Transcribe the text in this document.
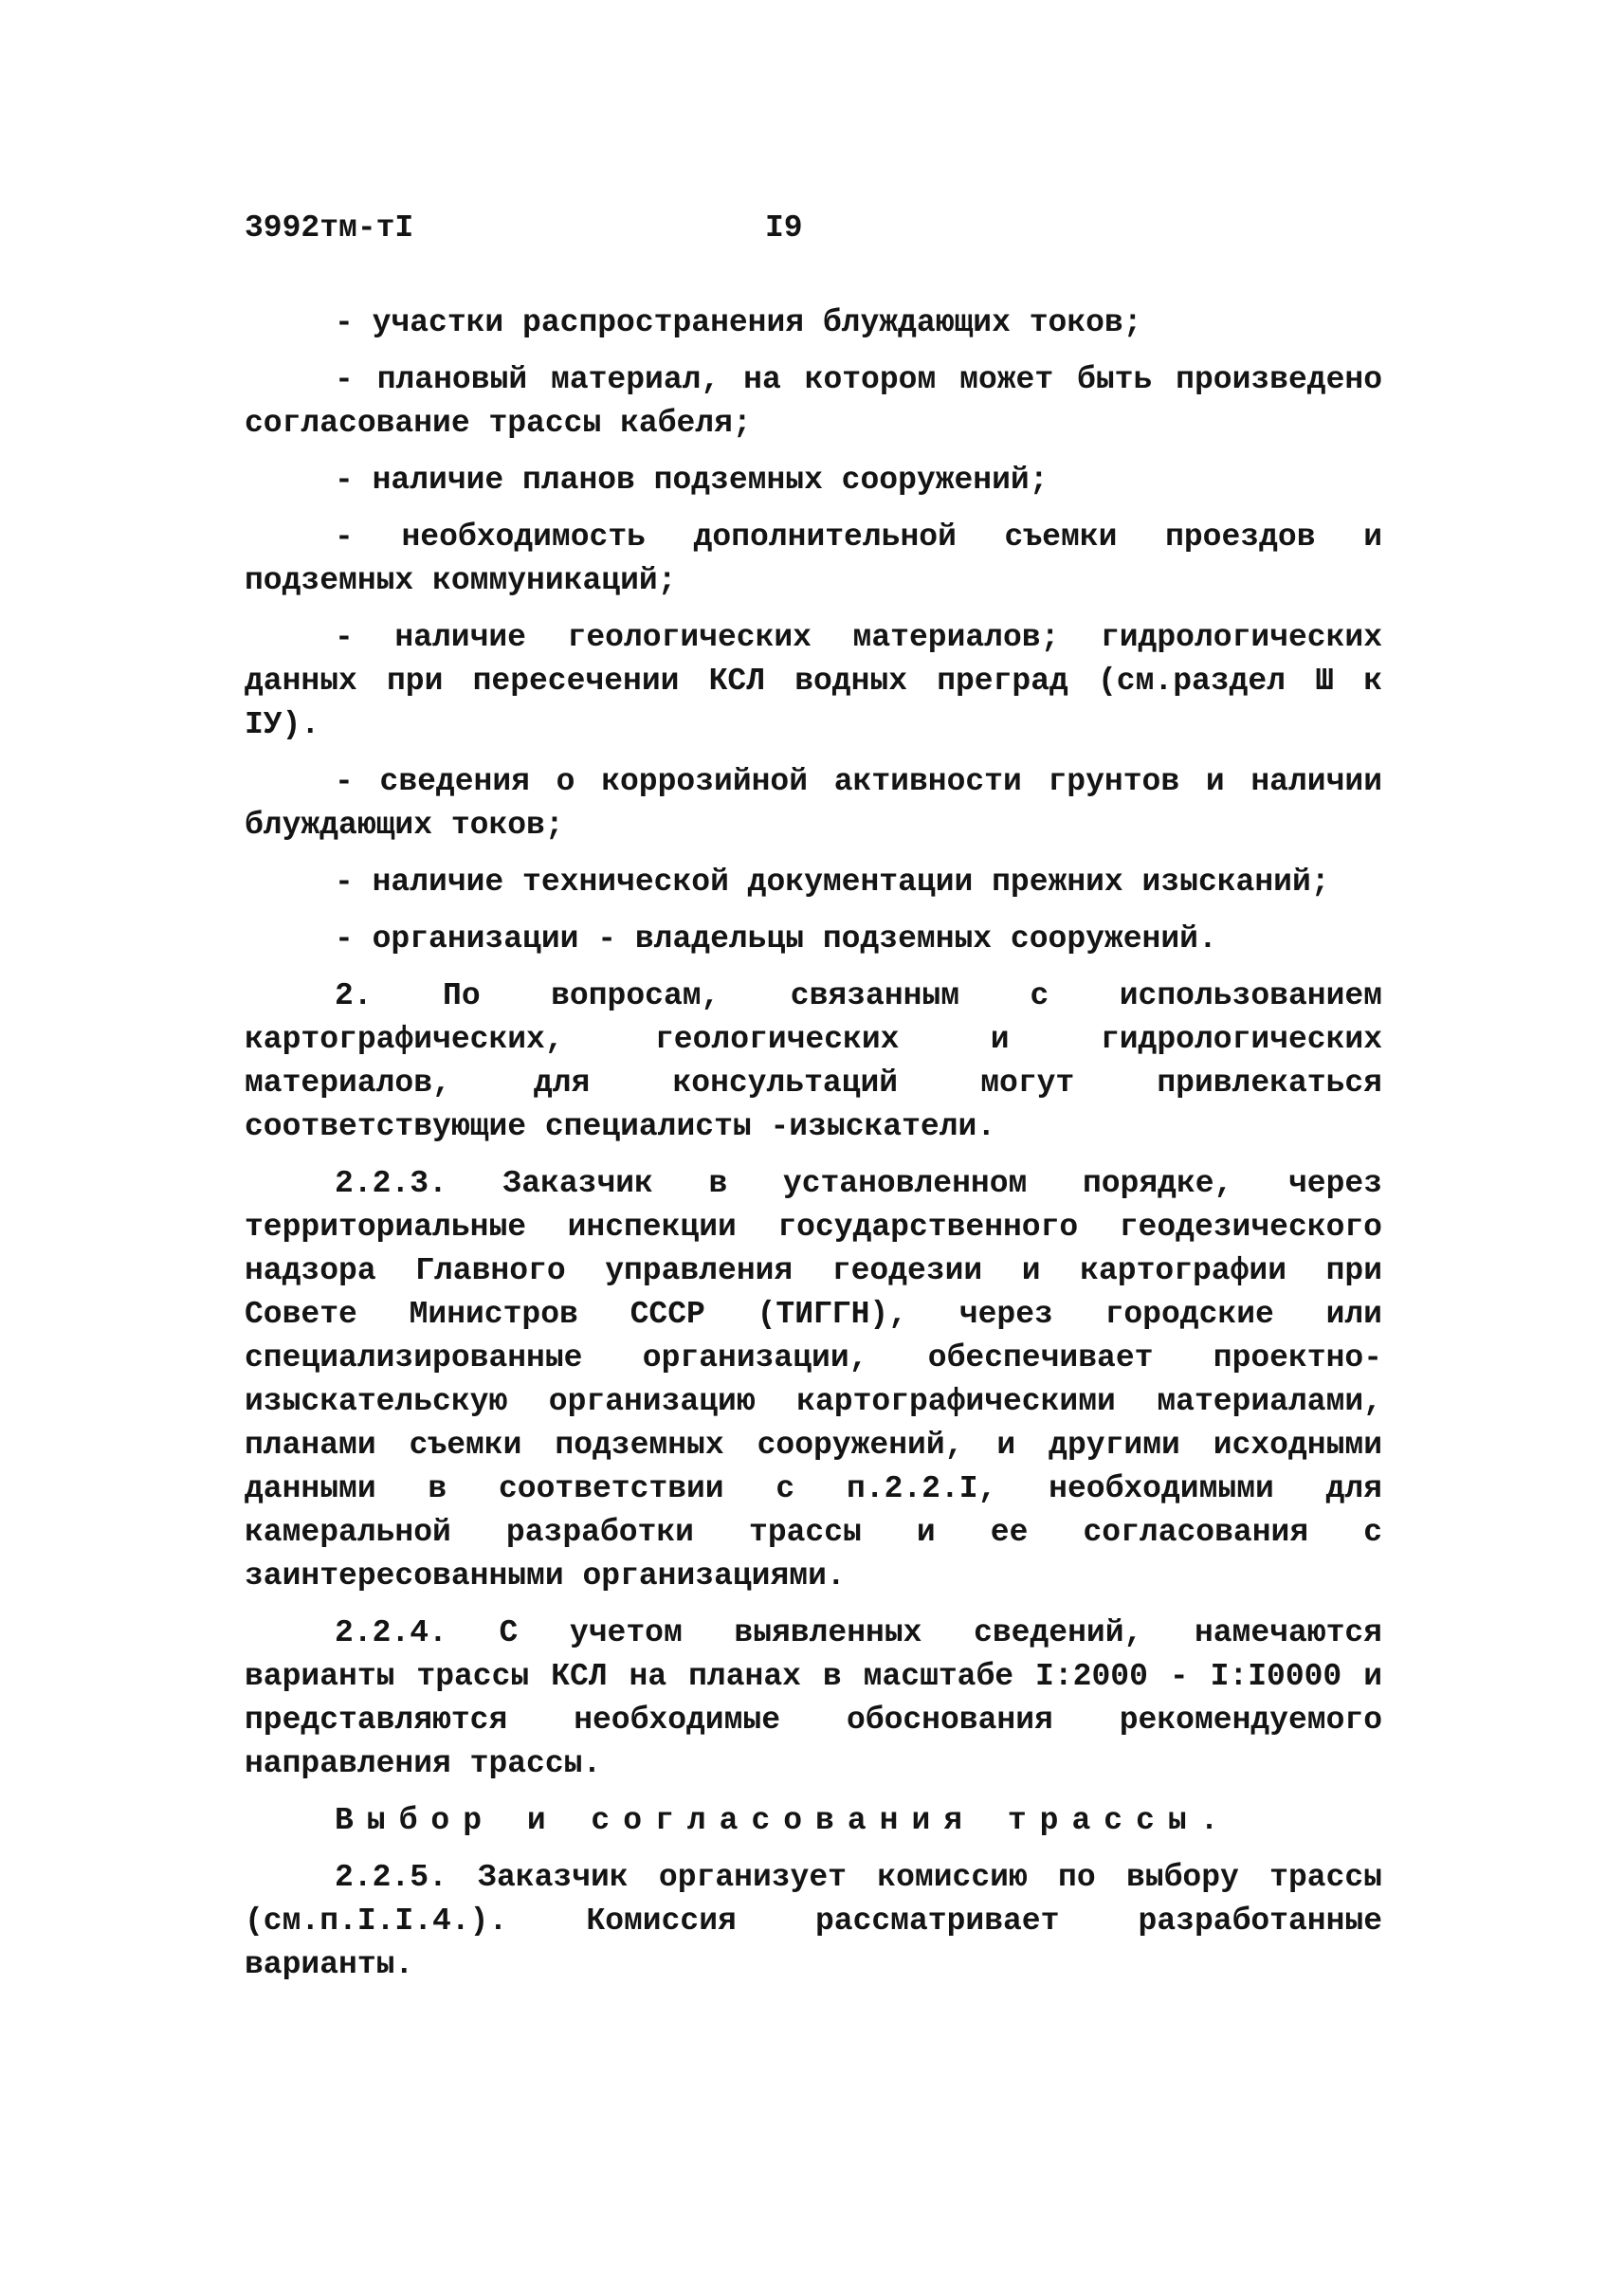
3992тм-тI	I9

- участки распространения блуждающих токов;

- плановый материал, на котором может быть произведено согласование трассы кабеля;

- наличие планов подземных сооружений;

- необходимость дополнительной съемки проездов и подземных коммуникаций;

- наличие геологических материалов; гидрологических данных при пересечении КСЛ водных преград (см.раздел Ш к IУ).

- сведения о коррозийной активности грунтов и наличии блуждающих токов;

- наличие технической документации прежних изысканий;

- организации - владельцы подземных сооружений.

2. По вопросам, связанным с использованием картографических, геологических и гидрологических материалов, для консультаций могут привлекаться соответствующие специалисты -изыскатели.

2.2.3. Заказчик в установленном порядке, через территориальные инспекции государственного геодезического надзора Главного управления геодезии и картографии при Совете Министров СССР (ТИГГН), через городские или специализированные организации, обеспечивает проектно-изыскательскую организацию картографическими материалами, планами съемки подземных сооружений, и другими исходными данными в соответствии с п.2.2.I, необходимыми для камеральной разработки трассы и ее согласования с заинтересованными организациями.

2.2.4. С учетом выявленных сведений, намечаются варианты трассы КСЛ на планах в масштабе I:2000 - I:I0000 и представляются необходимые обоснования рекомендуемого направления трассы.

Выбор и согласования трассы.

2.2.5. Заказчик организует комиссию по выбору трассы (см.п.I.I.4.). Комиссия рассматривает разработанные варианты.
